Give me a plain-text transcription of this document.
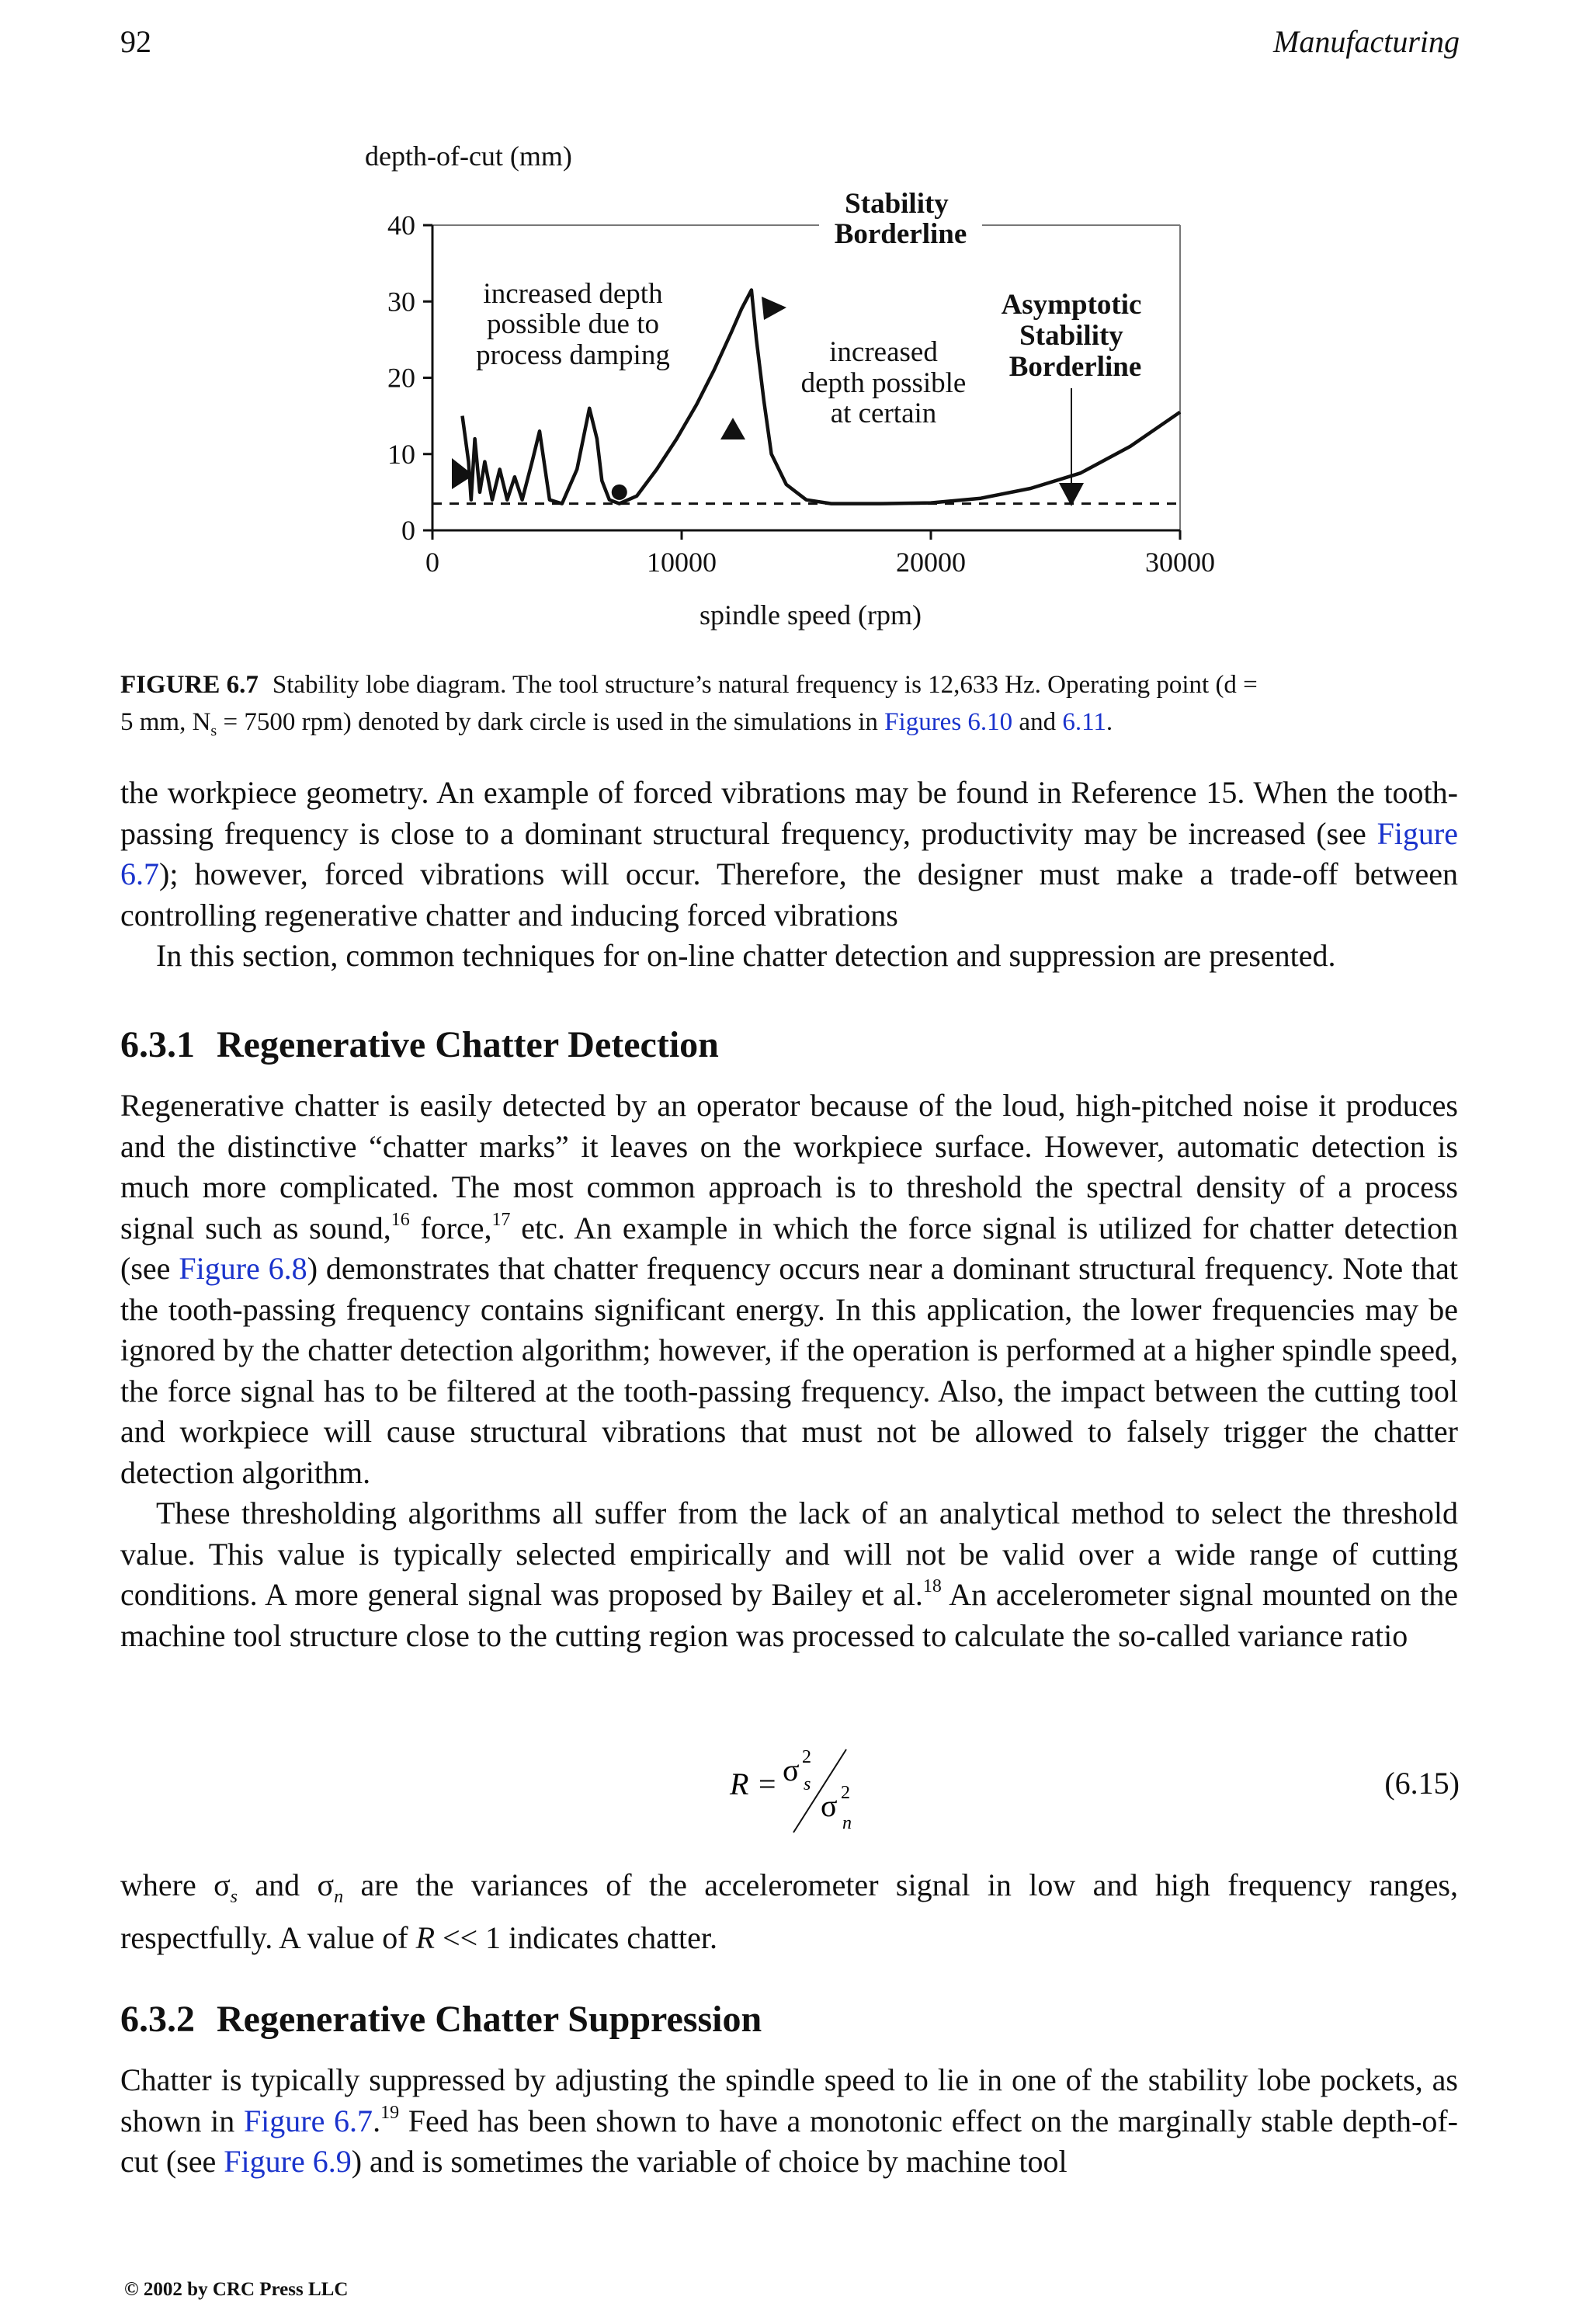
92	Manufacturing
depth-of-cut (mm)
spindle speed (rpm)
0
10
20
30
40
0	10000	20000	30000
Stability
Borderline
increased depth
possible due to
process damping	increased
depth possible
at certain
Asymptotic
Stability
Borderline
FIGURE 6.7 Stability lobe diagram. The tool structure’s natural frequency is 12,633 Hz. Operating point (d =
5 mm, $N_s = 7500$ rpm) denoted by dark circle is used in the simulations in Figures 6.10 and 6.11.

the workpiece geometry. An example of forced vibrations may be found in Reference 15. When the tooth-passing frequency is close to a dominant structural frequency, productivity may be increased (see Figure 6.7); however, forced vibrations will occur. Therefore, the designer must make a trade-off between controlling regenerative chatter and inducing forced vibrations

In this section, common techniques for on-line chatter detection and suppression are presented.

6.3.1 Regenerative Chatter Detection

Regenerative chatter is easily detected by an operator because of the loud, high-pitched noise it produces and the distinctive “chatter marks” it leaves on the workpiece surface. However, automatic detection is much more complicated. The most common approach is to threshold the spectral density of a process signal such as sound,$^{16}$ force,$^{17}$ etc. An example in which the force signal is utilized for chatter detection (see Figure 6.8) demonstrates that chatter frequency occurs near a dominant structural frequency. Note that the tooth-passing frequency contains significant energy. In this application, the lower frequencies may be ignored by the chatter detection algorithm; however, if the operation is performed at a higher spindle speed, the force signal has to be filtered at the tooth-passing frequency. Also, the impact between the cutting tool and workpiece will cause structural vibrations that must not be allowed to falsely trigger the chatter detection algorithm.

These thresholding algorithms all suffer from the lack of an analytical method to select the threshold value. This value is typically selected empirically and will not be valid over a wide range of cutting conditions. A more general signal was proposed by Bailey et al.$^{18}$ An accelerometer signal mounted on the machine tool structure close to the cutting region was processed to calculate the so-called variance ratio

R = σ 2
s
σ 2
n
(6.15)

where $\sigma_s$ and $\sigma_n$ are the variances of the accelerometer signal in low and high frequency ranges, respectfully. A value of R << 1 indicates chatter.

6.3.2 Regenerative Chatter Suppression

Chatter is typically suppressed by adjusting the spindle speed to lie in one of the stability lobe pockets, as shown in Figure 6.7.19 Feed has been shown to have a monotonic effect on the marginally stable depth-of-cut (see Figure 6.9) and is sometimes the variable of choice by machine tool

© 2002 by CRC Press LLC
